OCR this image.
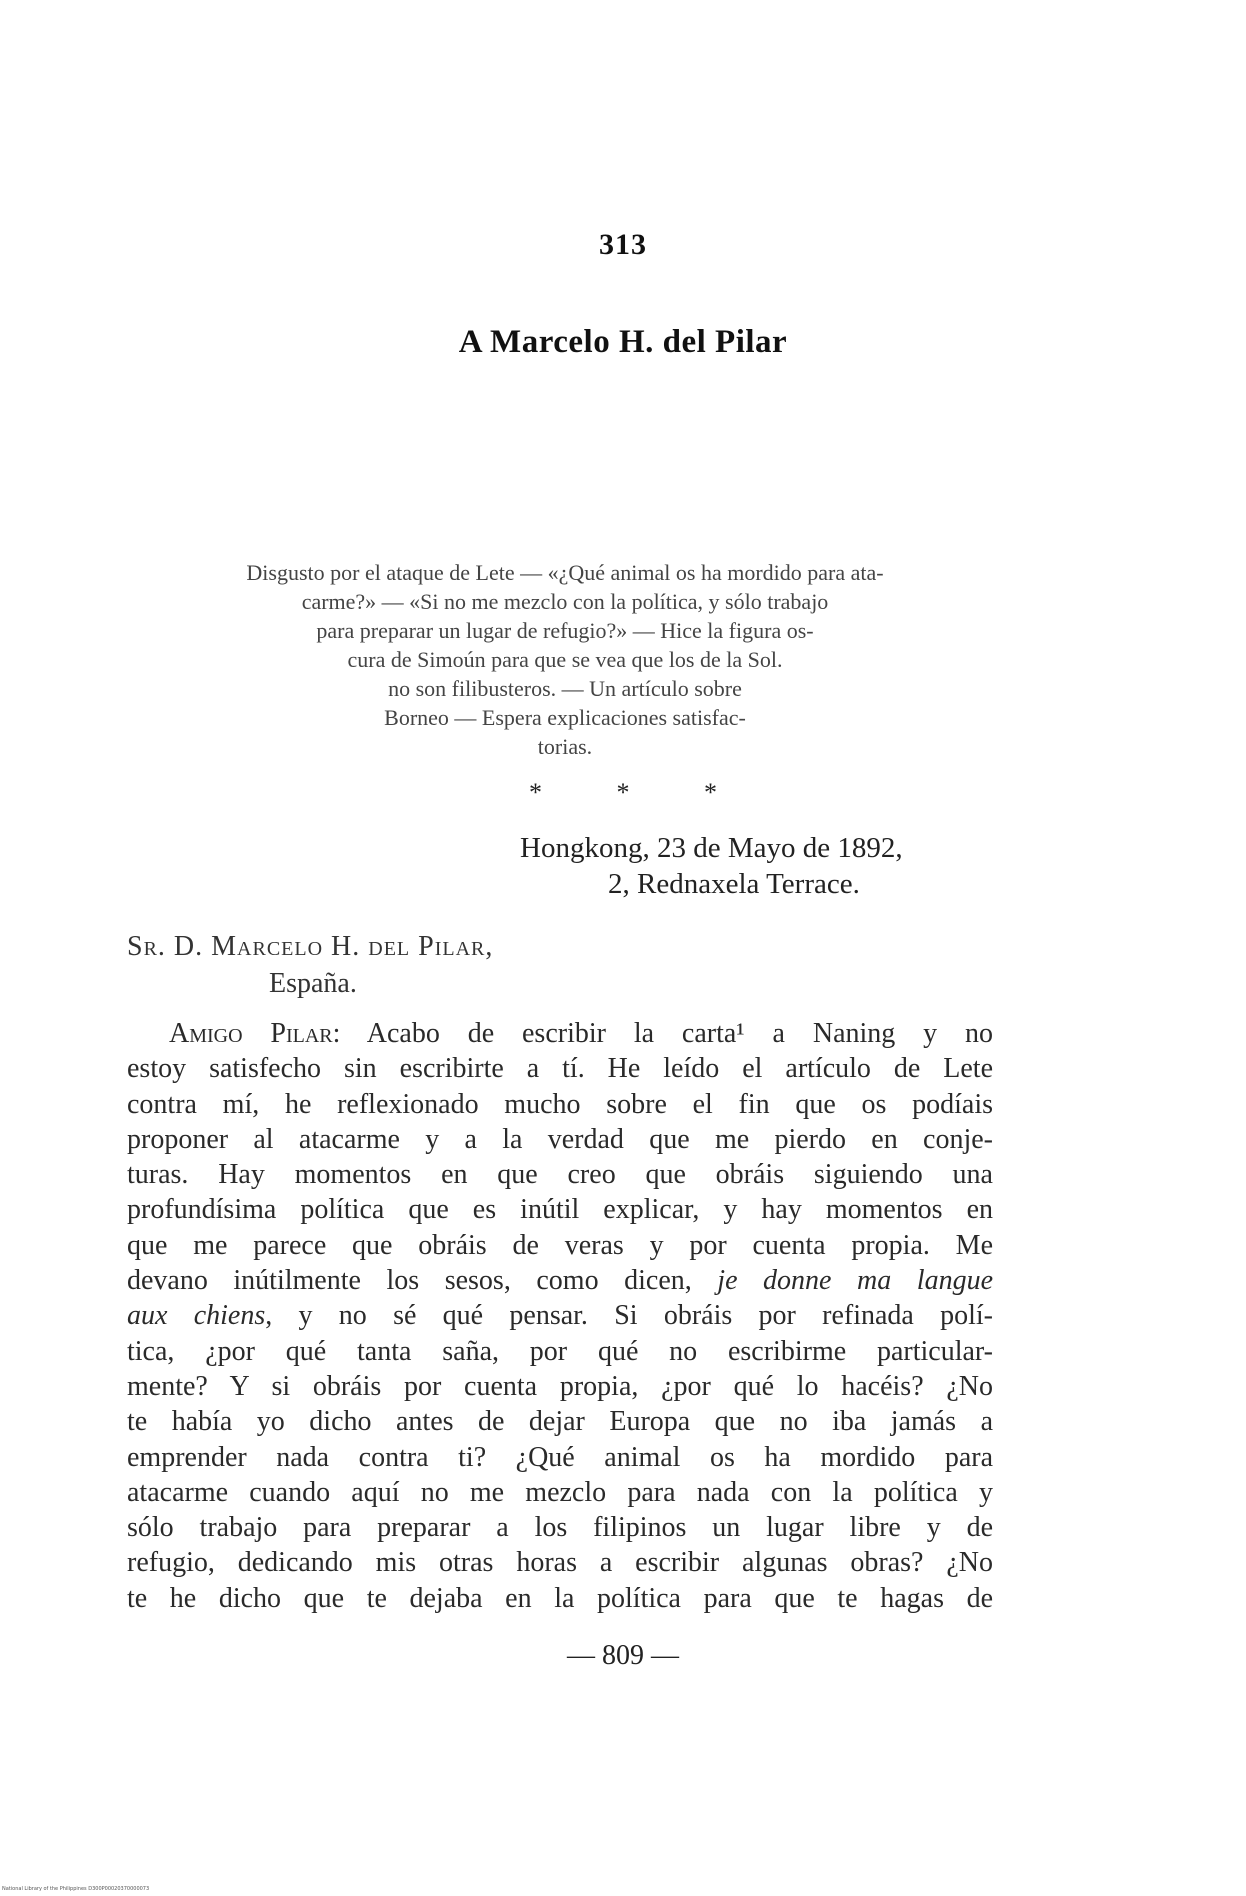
313
A Marcelo H. del Pilar
Disgusto por el ataque de Lete — «¿Qué animal os ha mordido para ata-
carme?» — «Si no me mezclo con la política, y sólo trabajo
para preparar un lugar de refugio?» — Hice la figura os-
cura de Simoún para que se vea que los de la Sol.
no son filibusteros. — Un artículo sobre
Borneo — Espera explicaciones satisfac-
torias.
* * *
Hongkong, 23 de Mayo de 1892,
2, Rednaxela Terrace.
Sr. D. Marcelo H. del Pilar,
España.
Amigo Pilar: Acabo de escribir la carta¹ a Naning y no
estoy satisfecho sin escribirte a tí. He leído el artículo de Lete
contra mí, he reflexionado mucho sobre el fin que os podíais
proponer al atacarme y a la verdad que me pierdo en conje-
turas. Hay momentos en que creo que obráis siguiendo una
profundísima política que es inútil explicar, y hay momentos en
que me parece que obráis de veras y por cuenta propia. Me
devano inútilmente los sesos, como dicen, je donne ma langue
aux chiens, y no sé qué pensar. Si obráis por refinada polí-
tica, ¿por qué tanta saña, por qué no escribirme particular-
mente? Y si obráis por cuenta propia, ¿por qué lo hacéis? ¿No
te había yo dicho antes de dejar Europa que no iba jamás a
emprender nada contra ti? ¿Qué animal os ha mordido para
atacarme cuando aquí no me mezclo para nada con la política y
sólo trabajo para preparar a los filipinos un lugar libre y de
refugio, dedicando mis otras horas a escribir algunas obras? ¿No
te he dicho que te dejaba en la política para que te hagas de
— 809 —
National Library of the Philippines D300P00020370000073
